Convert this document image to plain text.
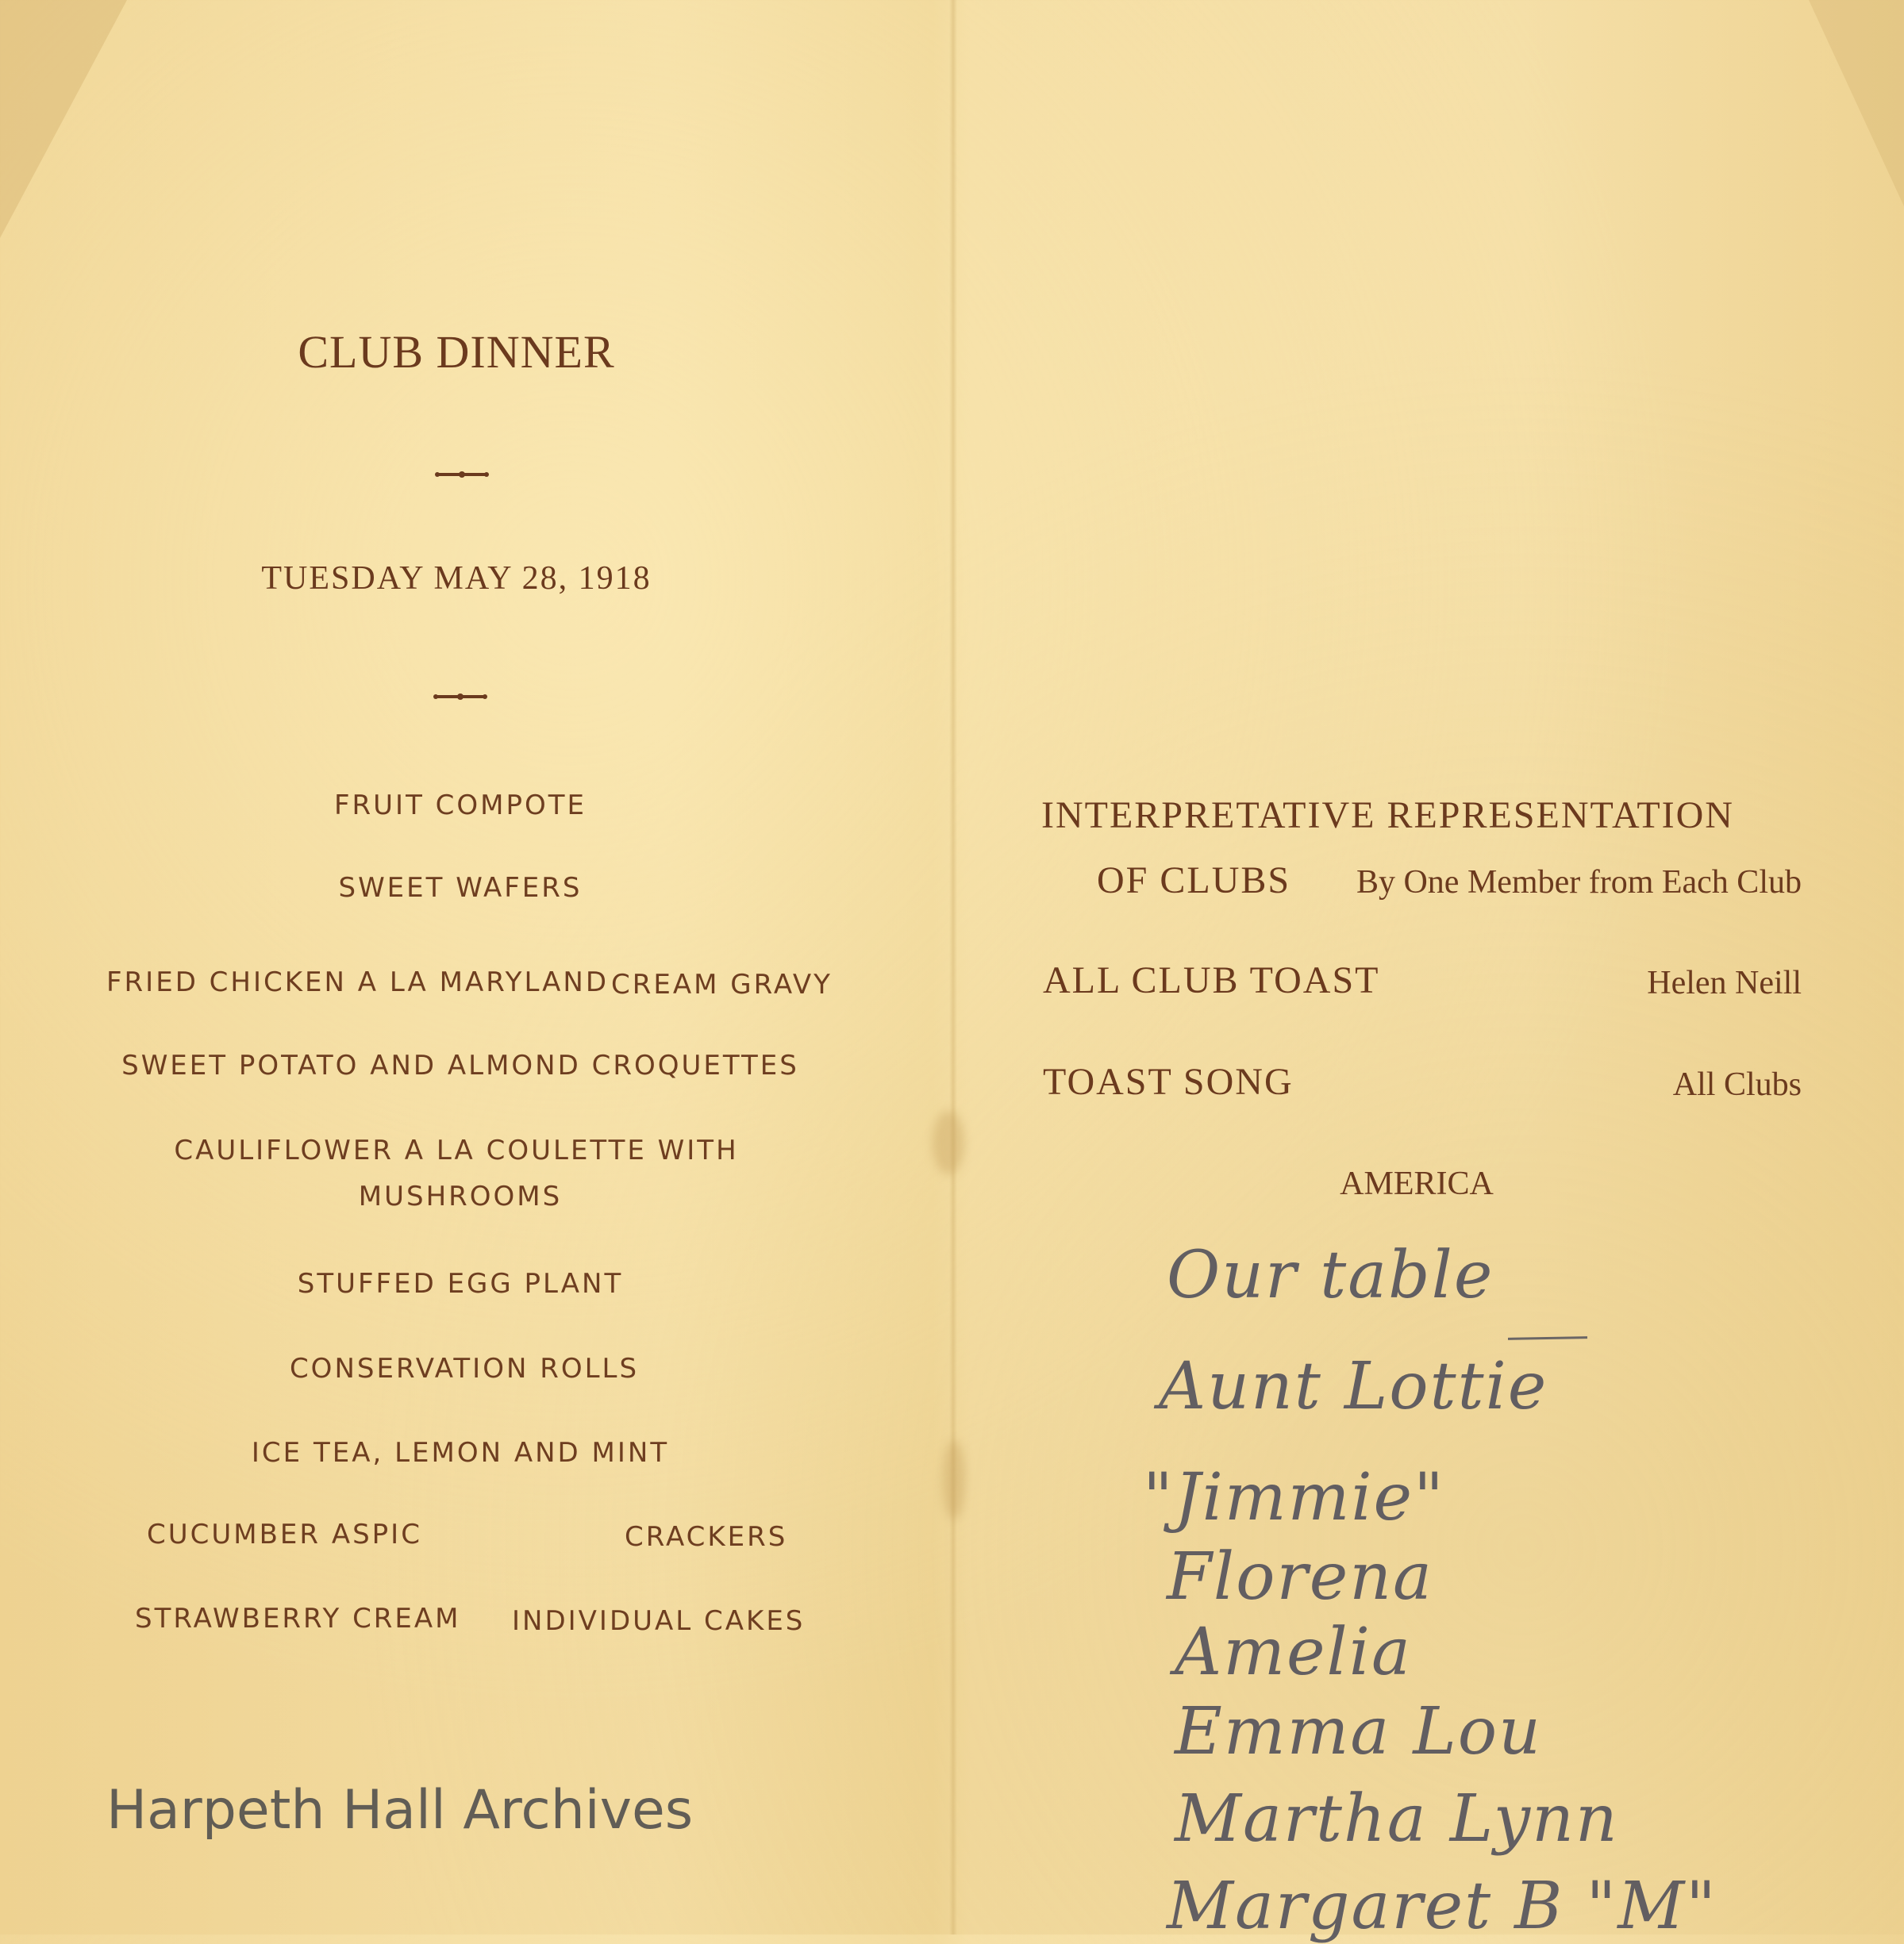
CLUB DINNER
TUESDAY MAY 28, 1918
FRUIT COMPOTE
SWEET WAFERS
FRIED CHICKEN A LA MARYLAND CREAM GRAVY
SWEET POTATO AND ALMOND CROQUETTES
CAULIFLOWER A LA COULETTE WITH
MUSHROOMS
STUFFED EGG PLANT
CONSERVATION ROLLS
ICE TEA, LEMON AND MINT
CUCUMBER ASPIC	CRACKERS
STRAWBERRY CREAM INDIVIDUAL CAKES
INTERPRETATIVE REPRESENTATION
OF CLUBS By One Member from Each Club
ALL CLUB TOAST	Helen Neill
TOAST SONG	All Clubs
AMERICA
Our table
Aunt Lottie
"Jimmie"
Florena
Amelia
Emma Lou
Martha Lynn
Margaret B "M"
Harpeth Hall Archives
